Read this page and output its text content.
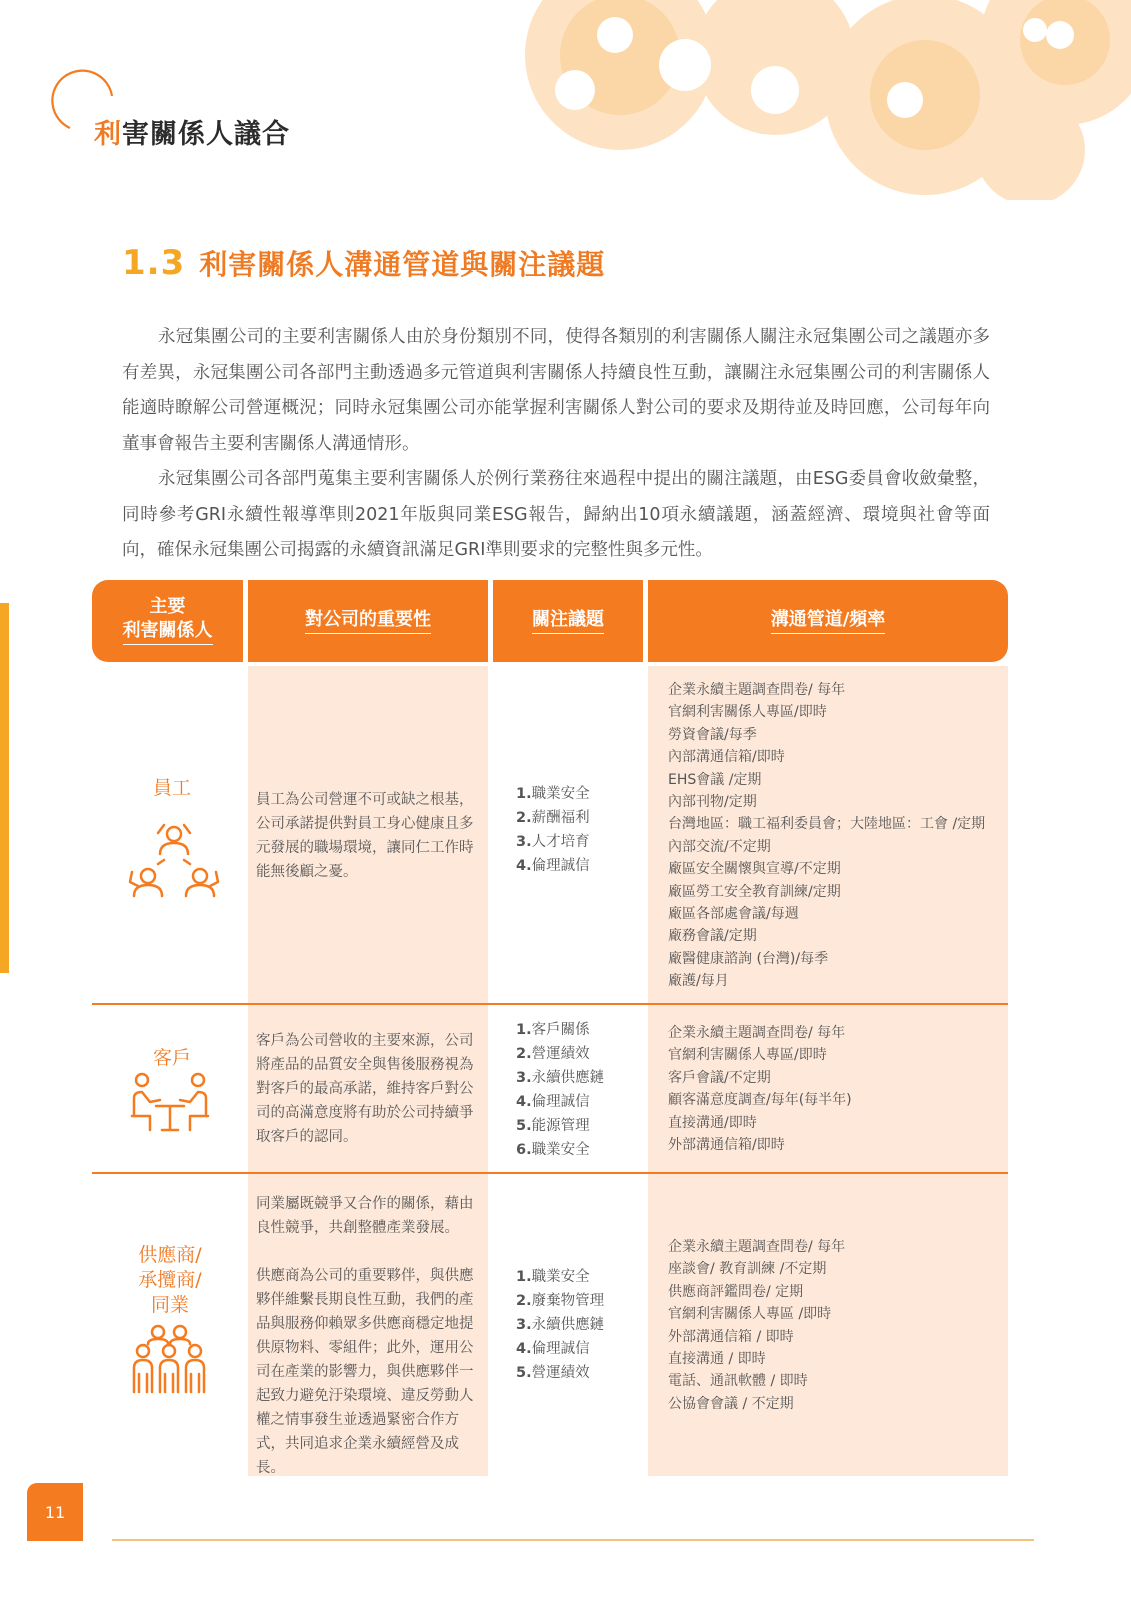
利害關係人議合
1.3 利害關係人溝通管道與關注議題

永冠集團公司的主要利害關係人由於身份類別不同，使得各類別的利害關係人關注永冠集團公司之議題亦多有差異，永冠集團公司各部門主動透過多元管道與利害關係人持續良性互動，讓關注永冠集團公司的利害關係人能適時瞭解公司營運概況；同時永冠集團公司亦能掌握利害關係人對公司的要求及期待並及時回應，公司每年向董事會報告主要利害關係人溝通情形。

永冠集團公司各部門蒐集主要利害關係人於例行業務往來過程中提出的關注議題，由ESG委員會收斂彙整，同時參考GRI永續性報導準則2021年版與同業ESG報告，歸納出10項永續議題，涵蓋經濟、環境與社會等面向，確保永冠集團公司揭露的永續資訊滿足GRI準則要求的完整性與多元性。

主要
利害關係人
對公司的重要性	關注議題	溝通管道/頻率
員工
員工為公司營運不可或缺之根基，公司承諾提供對員工身心健康且多元發展的職場環境，讓同仁工作時能無後顧之憂。
1.職業安全
2.薪酬福利
3.人才培育
4.倫理誠信
企業永續主題調查問卷/ 每年
官網利害關係人專區/即時
勞資會議/每季
內部溝通信箱/即時
EHS會議 /定期
內部刊物/定期
台灣地區：職工福利委員會；大陸地區：工會 /定期
內部交流/不定期
廠區安全關懷與宣導/不定期
廠區勞工安全教育訓練/定期
廠區各部處會議/每週
廠務會議/定期
廠醫健康諮詢 (台灣)/每季
廠護/每月
客戶
客戶為公司營收的主要來源，公司將產品的品質安全與售後服務視為對客戶的最高承諾，維持客戶對公司的高滿意度將有助於公司持續爭取客戶的認同。
1.客戶關係
2.營運績效
3.永續供應鏈
4.倫理誠信
5.能源管理
6.職業安全
企業永續主題調查問卷/ 每年
官網利害關係人專區/即時
客戶會議/不定期
顧客滿意度調查/每年(每半年)
直接溝通/即時
外部溝通信箱/即時
供應商/
承攬商/
同業

同業屬既競爭又合作的關係，藉由良性競爭，共創整體產業發展。

供應商為公司的重要夥伴，與供應夥伴維繫長期良性互動，我們的產品與服務仰賴眾多供應商穩定地提供原物料、零組件；此外，運用公司在產業的影響力，與供應夥伴一起致力避免汙染環境、違反勞動人權之情事發生並透過緊密合作方式，共同追求企業永續經營及成長。

1.職業安全
2.廢棄物管理
3.永續供應鏈
4.倫理誠信
5.營運績效
企業永續主題調查問卷/ 每年
座談會/ 教育訓練 /不定期
供應商評鑑問卷/ 定期
官網利害關係人專區 /即時
外部溝通信箱 / 即時
直接溝通 / 即時
電話、通訊軟體 / 即時
公協會會議 / 不定期
11
